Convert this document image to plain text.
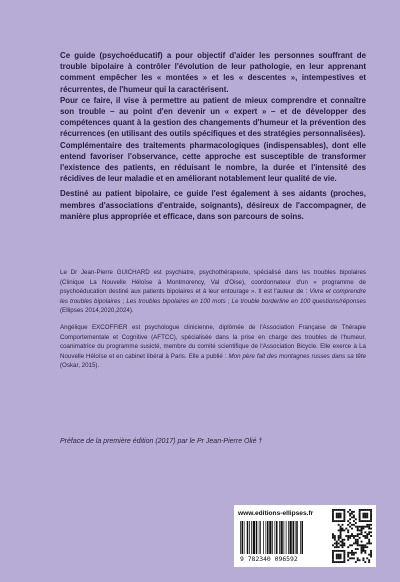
Ce guide (psychoéducatif) a pour objectif d'aider les personnes souffrant de trouble bipolaire à contrôler l'évolution de leur pathologie, en leur apprenant comment empêcher les « montées » et les « descentes », intempestives et récurrentes, de l'humeur qui la caractérisent.

Pour ce faire, il vise à permettre au patient de mieux comprendre et connaître son trouble – au point d'en devenir un « expert » – et de développer des compétences quant à la gestion des changements d'humeur et la prévention des récurrences (en utilisant des outils spécifiques et des stratégies personnalisées).

Complémentaire des traitements pharmacologiques (indispensables), dont elle entend favoriser l'observance, cette approche est susceptible de transformer l'existence des patients, en réduisant le nombre, la durée et l'intensité des récidives de leur maladie et en améliorant notablement leur qualité de vie.

Destiné au patient bipolaire, ce guide l'est également à ses aidants (proches, membres d'associations d'entraide, soignants), désireux de l'accompagner, de manière plus appropriée et efficace, dans son parcours de soins.

Le Dr Jean-Pierre GUICHARD est psychiatre, psychothérapeute, spécialisé dans les troubles bipolaires (Clinique La Nouvelle Héloïse à Montmorency, Val d'Oise), coordonnateur d'un « programme de psychoéducation destiné aux patients bipolaires et à leur entourage ». Il est l'auteur de : Vivre et comprendre les troubles bipolaires ; Les troubles bipolaires en 100 mots ; Le trouble borderline en 100 questions/réponses (Ellipses 2014,2020,2024).

Angélique EXCOFFIER est psychologue clinicienne, diplômée de l'Association Française de Thérapie Comportementale et Cognitive (AFTCC), spécialisée dans la prise en charge des troubles de l'humeur, coanimatrice du programme susicté, membre du comité scientifique de l'Association Bicycle. Elle exerce à La Nouvelle Héloïse et en cabinet libéral à Paris. Elle a publié : Mon père fait des montagnes russes dans sa tête (Oskar, 2015).

Préface de la première édition (2017) par le Pr Jean-Pierre Olié †
www.editions-ellipses.fr
9 782340 096592
